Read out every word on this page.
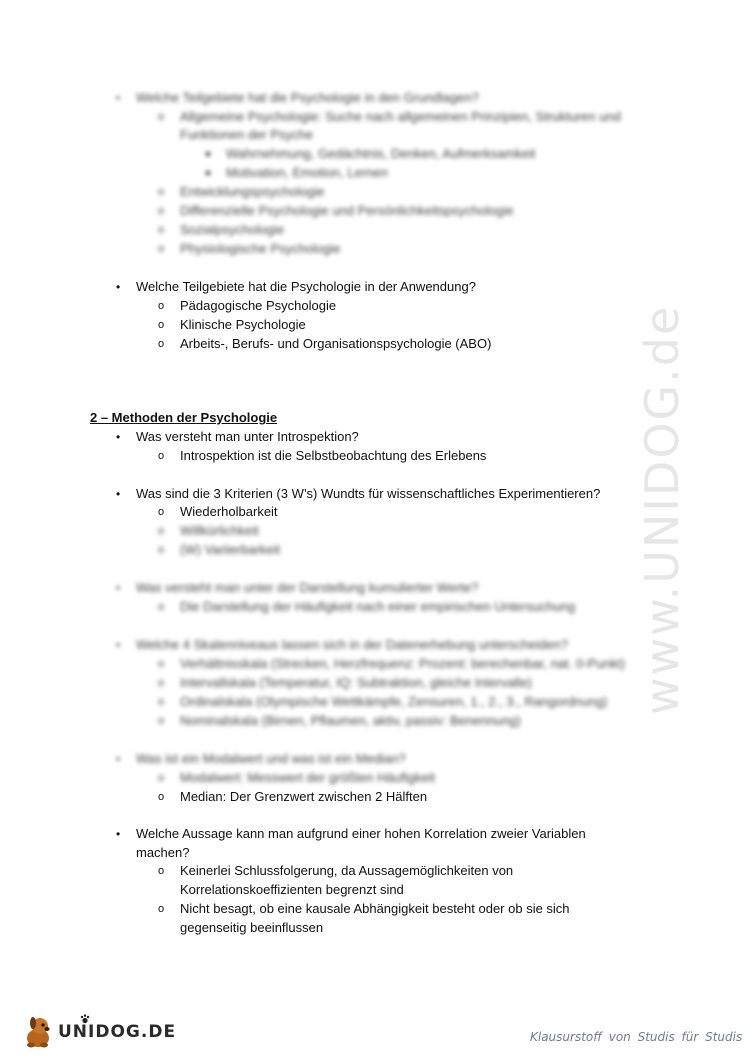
www.UNIDOG.de
• Welche Teilgebiete hat die Psychologie in den Grundlagen?
o Allgemeine Psychologie: Suche nach allgemeinen Prinzipien, Strukturen und
Funktionen der Psyche
Wahrnehmung, Gedächtnis, Denken, Aufmerksamkeit
Motivation, Emotion, Lernen
o Entwicklungspsychologie
o Differenzielle Psychologie und Persönlichkeitspsychologie
o Sozialpsychologie
o Physiologische Psychologie
• Welche Teilgebiete hat die Psychologie in der Anwendung?
o Pädagogische Psychologie
o Klinische Psychologie
o Arbeits-, Berufs- und Organisationspsychologie (ABO)
2 – Methoden der Psychologie
• Was versteht man unter Introspektion?
o Introspektion ist die Selbstbeobachtung des Erlebens
• Was sind die 3 Kriterien (3 W’s) Wundts für wissenschaftliches Experimentieren?
o Wiederholbarkeit
o Willkürlichkeit
o (W) Variierbarkeit
• Was versteht man unter der Darstellung kumulierter Werte?
o Die Darstellung der Häufigkeit nach einer empirischen Untersuchung
• Welche 4 Skalenniveaus lassen sich in der Datenerhebung unterscheiden?
o Verhältnisskala (Strecken, Herzfrequenz: Prozent: berechenbar, nat. 0-Punkt)
o Intervallskala (Temperatur, IQ: Subtraktion, gleiche Intervalle)
o Ordinalskala (Olympische Wettkämpfe, Zensuren, 1., 2., 3., Rangordnung)
o Nominalskala (Birnen, Pflaumen, aktiv, passiv: Benennung)
• Was ist ein Modalwert und was ist ein Median?
o Modalwert: Messwert der größten Häufigkeit
o Median: Der Grenzwert zwischen 2 Hälften
• Welche Aussage kann man aufgrund einer hohen Korrelation zweier Variablen
machen?
o Keinerlei Schlussfolgerung, da Aussagemöglichkeiten von
Korrelationskoeffizienten begrenzt sind
o Nicht besagt, ob eine kausale Abhängigkeit besteht oder ob sie sich
gegenseitig beeinflussen
UNIDOG.DE	Klausurstoff von Studis für Studis
